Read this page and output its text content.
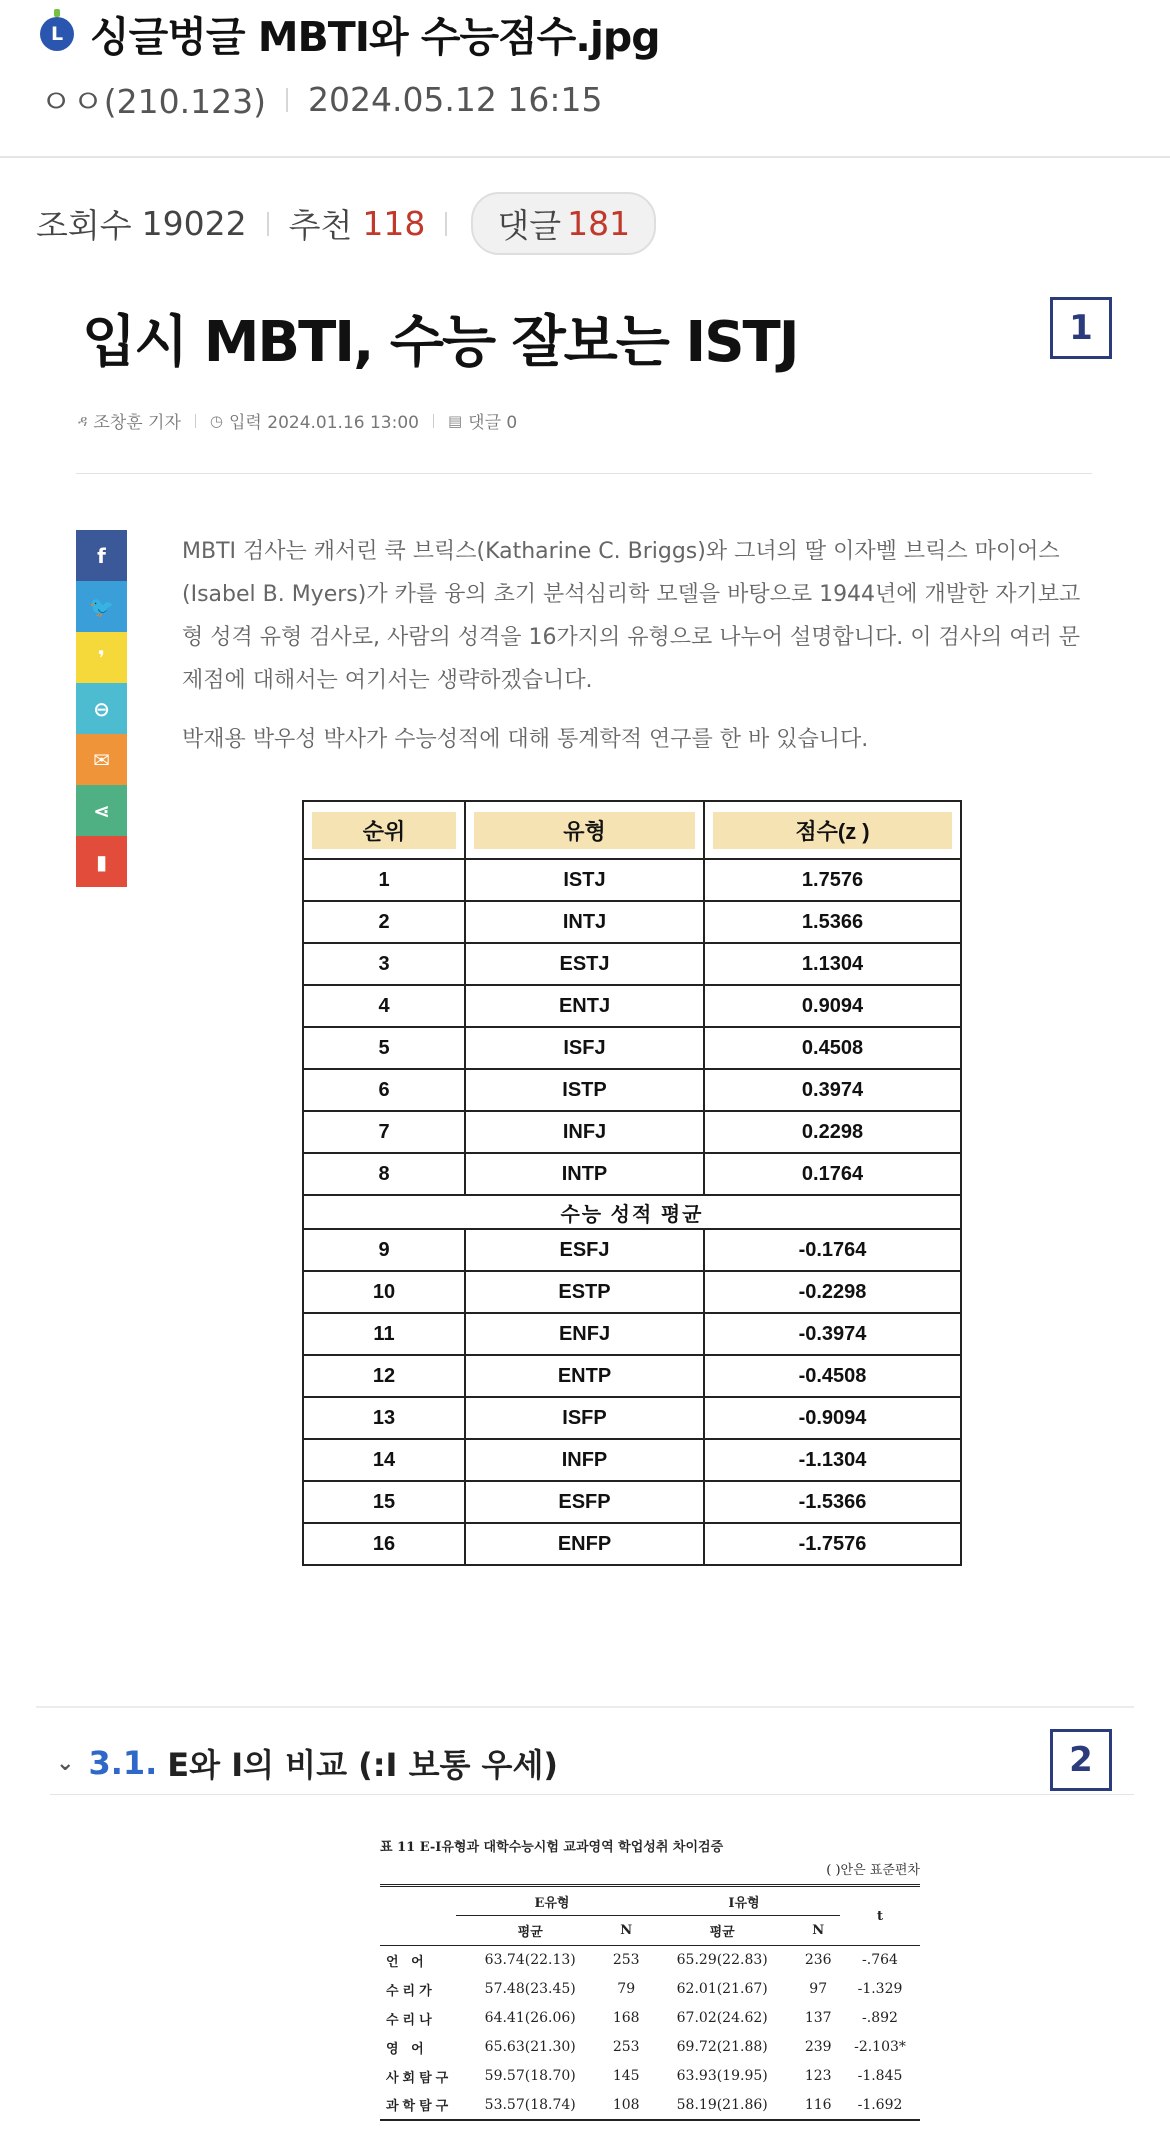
L 싱글벙글 MBTI와 수능점수.jpg
ㅇㅇ(210.123) 2024.05.12 16:15
조회수 19022 추천 118 댓글 181
입시 MBTI, 수능 잘보는 ISTJ	1
ዳ 조창훈 기자 ◷ 입력 2024.01.16 13:00 ▤ 댓글 0
f
🐦
❜
⊖
✉
⋖
▮

MBTI 검사는 캐서린 쿡 브릭스(Katharine C. Briggs)와 그녀의 딸 이자벨 브릭스 마이어스(Isabel B. Myers)가 카를 융의 초기 분석심리학 모델을 바탕으로 1944년에 개발한 자기보고형 성격 유형 검사로, 사람의 성격을 16가지의 유형으로 나누어 설명합니다. 이 검사의 여러 문제점에 대해서는 여기서는 생략하겠습니다.

박재용 박우성 박사가 수능성적에 대해 통계학적 연구를 한 바 있습니다.

순위	유형	점수(z )

1	ISTJ	1.7576
2	INTJ	1.5366
3	ESTJ	1.1304
4	ENTJ	0.9094
5	ISFJ	0.4508
6	ISTP	0.3974
7	INFJ	0.2298
8	INTP	0.1764
수능 성적 평균		
9	ESFJ	-0.1764
10	ESTP	-0.2298
11	ENFJ	-0.3974
12	ENTP	-0.4508
13	ISFP	-0.9094
14	INFP	-1.1304
15	ESFP	-1.5366
16	ENFP	-1.7576
⌄ 3.1. E와 I의 비교 (:I 보통 우세)	2
표 11 E-I유형과 대학수능시험 교과영역 학업성취 차이검증
( )안은 표준편차
	E유형		I유형		t
	평균	N	평균	N	
언 어	63.74(22.13)	253	65.29(22.83)	236	-.764
수리가	57.48(23.45)	79	62.01(21.67)	97	-1.329
수리나	64.41(26.06)	168	67.02(24.62)	137	-.892
영 어	65.63(21.30)	253	69.72(21.88)	239	-2.103*
사회탐구	59.57(18.70)	145	63.93(19.95)	123	-1.845
과학탐구	53.57(18.74)	108	58.19(21.86)	116	-1.692
